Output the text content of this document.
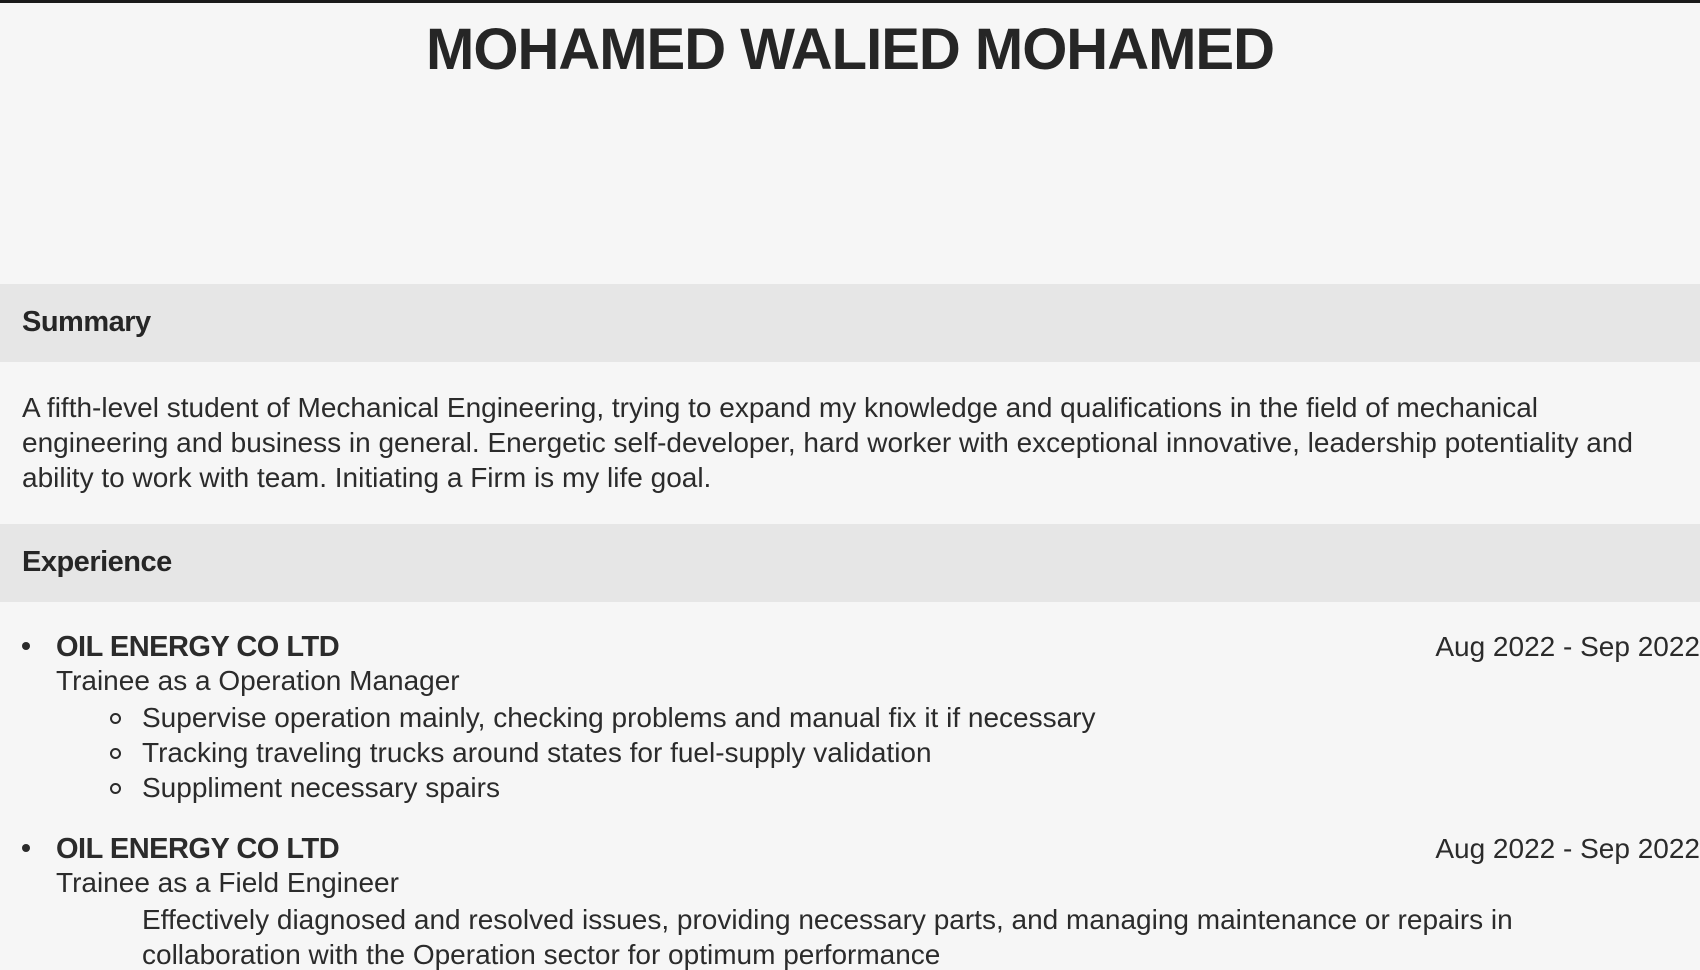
MOHAMED WALIED MOHAMED
Summary

A fifth-level student of Mechanical Engineering, trying to expand my knowledge and qualifications in the field of mechanical engineering and business in general. Energetic self-developer, hard worker with exceptional innovative, leadership potentiality and ability to work with team. Initiating a Firm is my life goal.

Experience
OIL ENERGY CO LTD	Aug 2022 - Sep 2022
Trainee as a Operation Manager
Supervise operation mainly, checking problems and manual fix it if necessary
Tracking traveling trucks around states for fuel-supply validation
Suppliment necessary spairs
OIL ENERGY CO LTD	Aug 2022 - Sep 2022
Trainee as a Field Engineer

Effectively diagnosed and resolved issues, providing necessary parts, and managing maintenance or repairs in collaboration with the Operation sector for optimum performance
